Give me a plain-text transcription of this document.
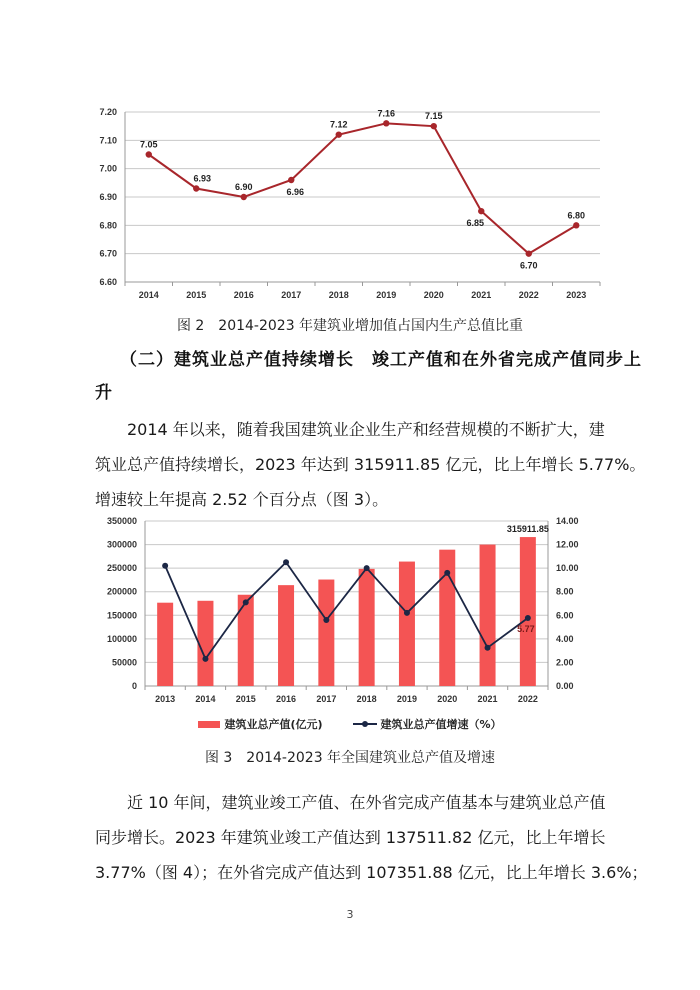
7.20
7.10
7.00
6.90
6.80
6.70
6.60
2014	2015	2016	2017	2018	2019	2020	2021	2022	2023
7.05
6.93
6.90	6.96
7.12
7.16	7.15
6.85
6.70
6.80
图 2　2014-2023 年建筑业增加值占国内生产总值比重
（二）建筑业总产值持续增长　竣工产值和在外省完成产值同步上
升
2014 年以来，随着我国建筑业企业生产和经营规模的不断扩大，建
筑业总产值持续增长，2023 年达到 315911.85 亿元，比上年增长 5.77%。
增速较上年提高 2.52 个百分点（图 3）。
350000
300000
250000
200000
150000
100000
50000
0
14.00
12.00
10.00
8.00
6.00
4.00
2.00
0.00
2013 2014 2015 2016 2017 2018 2019 2020 2021 2022
315911.85
5.77
建筑业总产值(亿元)	建筑业总产值增速（%）
图 3　2014-2023 年全国建筑业总产值及增速
近 10 年间，建筑业竣工产值、在外省完成产值基本与建筑业总产值
同步增长。2023 年建筑业竣工产值达到 137511.82 亿元，比上年增长
3.77%（图 4）；在外省完成产值达到 107351.88 亿元，比上年增长 3.6%；
3
